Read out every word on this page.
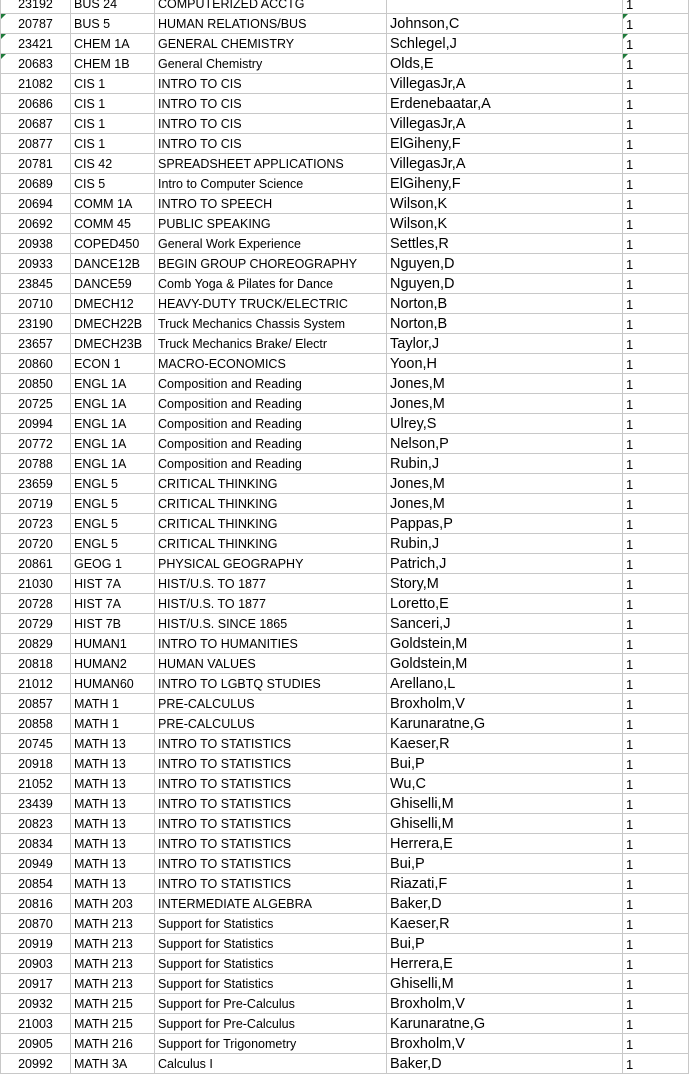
23192	BUS 24	COMPUTERIZED ACCTG		1
20787	BUS 5	HUMAN RELATIONS/BUS	Johnson,C	1
23421	CHEM 1A	GENERAL CHEMISTRY	Schlegel,J	1
20683	CHEM 1B	General Chemistry	Olds,E	1
21082	CIS 1	INTRO TO CIS	VillegasJr,A	1
20686	CIS 1	INTRO TO CIS	Erdenebaatar,A	1
20687	CIS 1	INTRO TO CIS	VillegasJr,A	1
20877	CIS 1	INTRO TO CIS	ElGiheny,F	1
20781	CIS 42	SPREADSHEET APPLICATIONS	VillegasJr,A	1
20689	CIS 5	Intro to Computer Science	ElGiheny,F	1
20694	COMM 1A	INTRO TO SPEECH	Wilson,K	1
20692	COMM 45	PUBLIC SPEAKING	Wilson,K	1
20938	COPED450	General Work Experience	Settles,R	1
20933	DANCE12B	BEGIN GROUP CHOREOGRAPHY	Nguyen,D	1
23845	DANCE59	Comb Yoga & Pilates for Dance	Nguyen,D	1
20710	DMECH12	HEAVY-DUTY TRUCK/ELECTRIC	Norton,B	1
23190	DMECH22B	Truck Mechanics Chassis System	Norton,B	1
23657	DMECH23B	Truck Mechanics Brake/ Electr	Taylor,J	1
20860	ECON 1	MACRO-ECONOMICS	Yoon,H	1
20850	ENGL 1A	Composition and Reading	Jones,M	1
20725	ENGL 1A	Composition and Reading	Jones,M	1
20994	ENGL 1A	Composition and Reading	Ulrey,S	1
20772	ENGL 1A	Composition and Reading	Nelson,P	1
20788	ENGL 1A	Composition and Reading	Rubin,J	1
23659	ENGL 5	CRITICAL THINKING	Jones,M	1
20719	ENGL 5	CRITICAL THINKING	Jones,M	1
20723	ENGL 5	CRITICAL THINKING	Pappas,P	1
20720	ENGL 5	CRITICAL THINKING	Rubin,J	1
20861	GEOG 1	PHYSICAL GEOGRAPHY	Patrich,J	1
21030	HIST 7A	HIST/U.S. TO 1877	Story,M	1
20728	HIST 7A	HIST/U.S. TO 1877	Loretto,E	1
20729	HIST 7B	HIST/U.S. SINCE 1865	Sanceri,J	1
20829	HUMAN1	INTRO TO HUMANITIES	Goldstein,M	1
20818	HUMAN2	HUMAN VALUES	Goldstein,M	1
21012	HUMAN60	INTRO TO LGBTQ STUDIES	Arellano,L	1
20857	MATH 1	PRE-CALCULUS	Broxholm,V	1
20858	MATH 1	PRE-CALCULUS	Karunaratne,G	1
20745	MATH 13	INTRO TO STATISTICS	Kaeser,R	1
20918	MATH 13	INTRO TO STATISTICS	Bui,P	1
21052	MATH 13	INTRO TO STATISTICS	Wu,C	1
23439	MATH 13	INTRO TO STATISTICS	Ghiselli,M	1
20823	MATH 13	INTRO TO STATISTICS	Ghiselli,M	1
20834	MATH 13	INTRO TO STATISTICS	Herrera,E	1
20949	MATH 13	INTRO TO STATISTICS	Bui,P	1
20854	MATH 13	INTRO TO STATISTICS	Riazati,F	1
20816	MATH 203	INTERMEDIATE ALGEBRA	Baker,D	1
20870	MATH 213	Support for Statistics	Kaeser,R	1
20919	MATH 213	Support for Statistics	Bui,P	1
20903	MATH 213	Support for Statistics	Herrera,E	1
20917	MATH 213	Support for Statistics	Ghiselli,M	1
20932	MATH 215	Support for Pre-Calculus	Broxholm,V	1
21003	MATH 215	Support for Pre-Calculus	Karunaratne,G	1
20905	MATH 216	Support for Trigonometry	Broxholm,V	1
20992	MATH 3A	Calculus I	Baker,D	1
